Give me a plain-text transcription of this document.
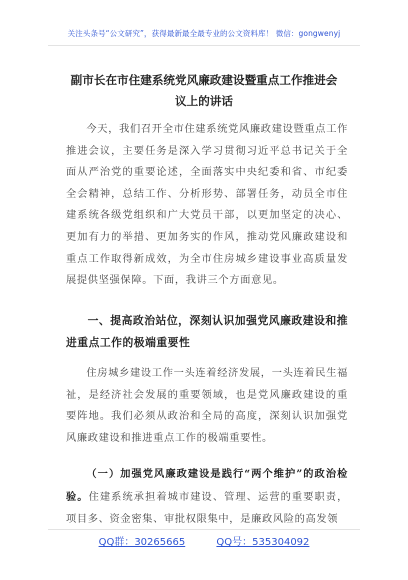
关注头条号“公文研究”，获得最新最全最专业的公文资料库！ 微信：gongwenyj
副市长在市住建系统党风廉政建设暨重点工作推进会议上的讲话
今天，我们召开全市住建系统党风廉政建设暨重点工作推进会议，主要任务是深入学习贯彻习近平总书记关于全面从严治党的重要论述，全面落实中央纪委和省、市纪委全会精神，总结工作、分析形势、部署任务，动员全市住建系统各级党组织和广大党员干部，以更加坚定的决心、更加有力的举措、更加务实的作风，推动党风廉政建设和重点工作取得新成效，为全市住房城乡建设事业高质量发展提供坚强保障。下面，我讲三个方面意见。
一、提高政治站位，深刻认识加强党风廉政建设和推进重点工作的极端重要性
住房城乡建设工作一头连着经济发展，一头连着民生福祉，是经济社会发展的重要领域，也是党风廉政建设的重要阵地。我们必须从政治和全局的高度，深刻认识加强党风廉政建设和推进重点工作的极端重要性。
（一）加强党风廉政建设是践行“两个维护”的政治检验。住建系统承担着城市建设、管理、运营的重要职责，项目多、资金密集、审批权限集中，是廉政风险的高发领
QQ群：30265665	QQ号：535304092
